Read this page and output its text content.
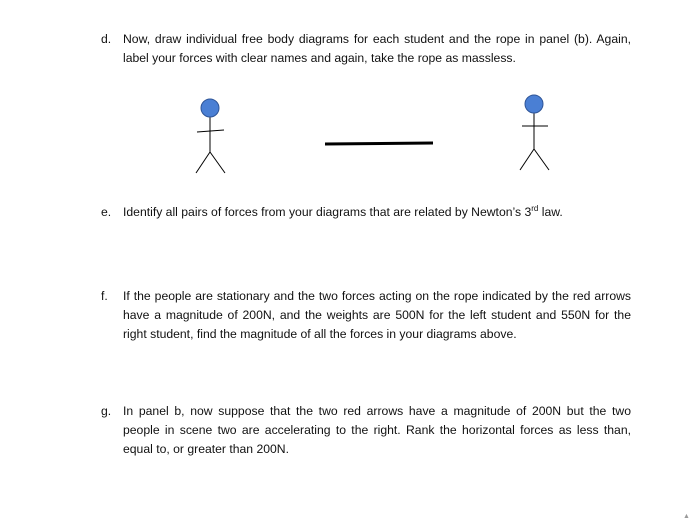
d. Now, draw individual free body diagrams for each student and the rope in panel (b). Again, label your forces with clear names and again, take the rope as massless.
e. Identify all pairs of forces from your diagrams that are related by Newton’s 3rd law.
f. If the people are stationary and the two forces acting on the rope indicated by the red arrows have a magnitude of 200N, and the weights are 500N for the left student and 550N for the right student, find the magnitude of all the forces in your diagrams above.
g. In panel b, now suppose that the two red arrows have a magnitude of 200N but the two people in scene two are accelerating to the right. Rank the horizontal forces as less than, equal to, or greater than 200N.
▲
